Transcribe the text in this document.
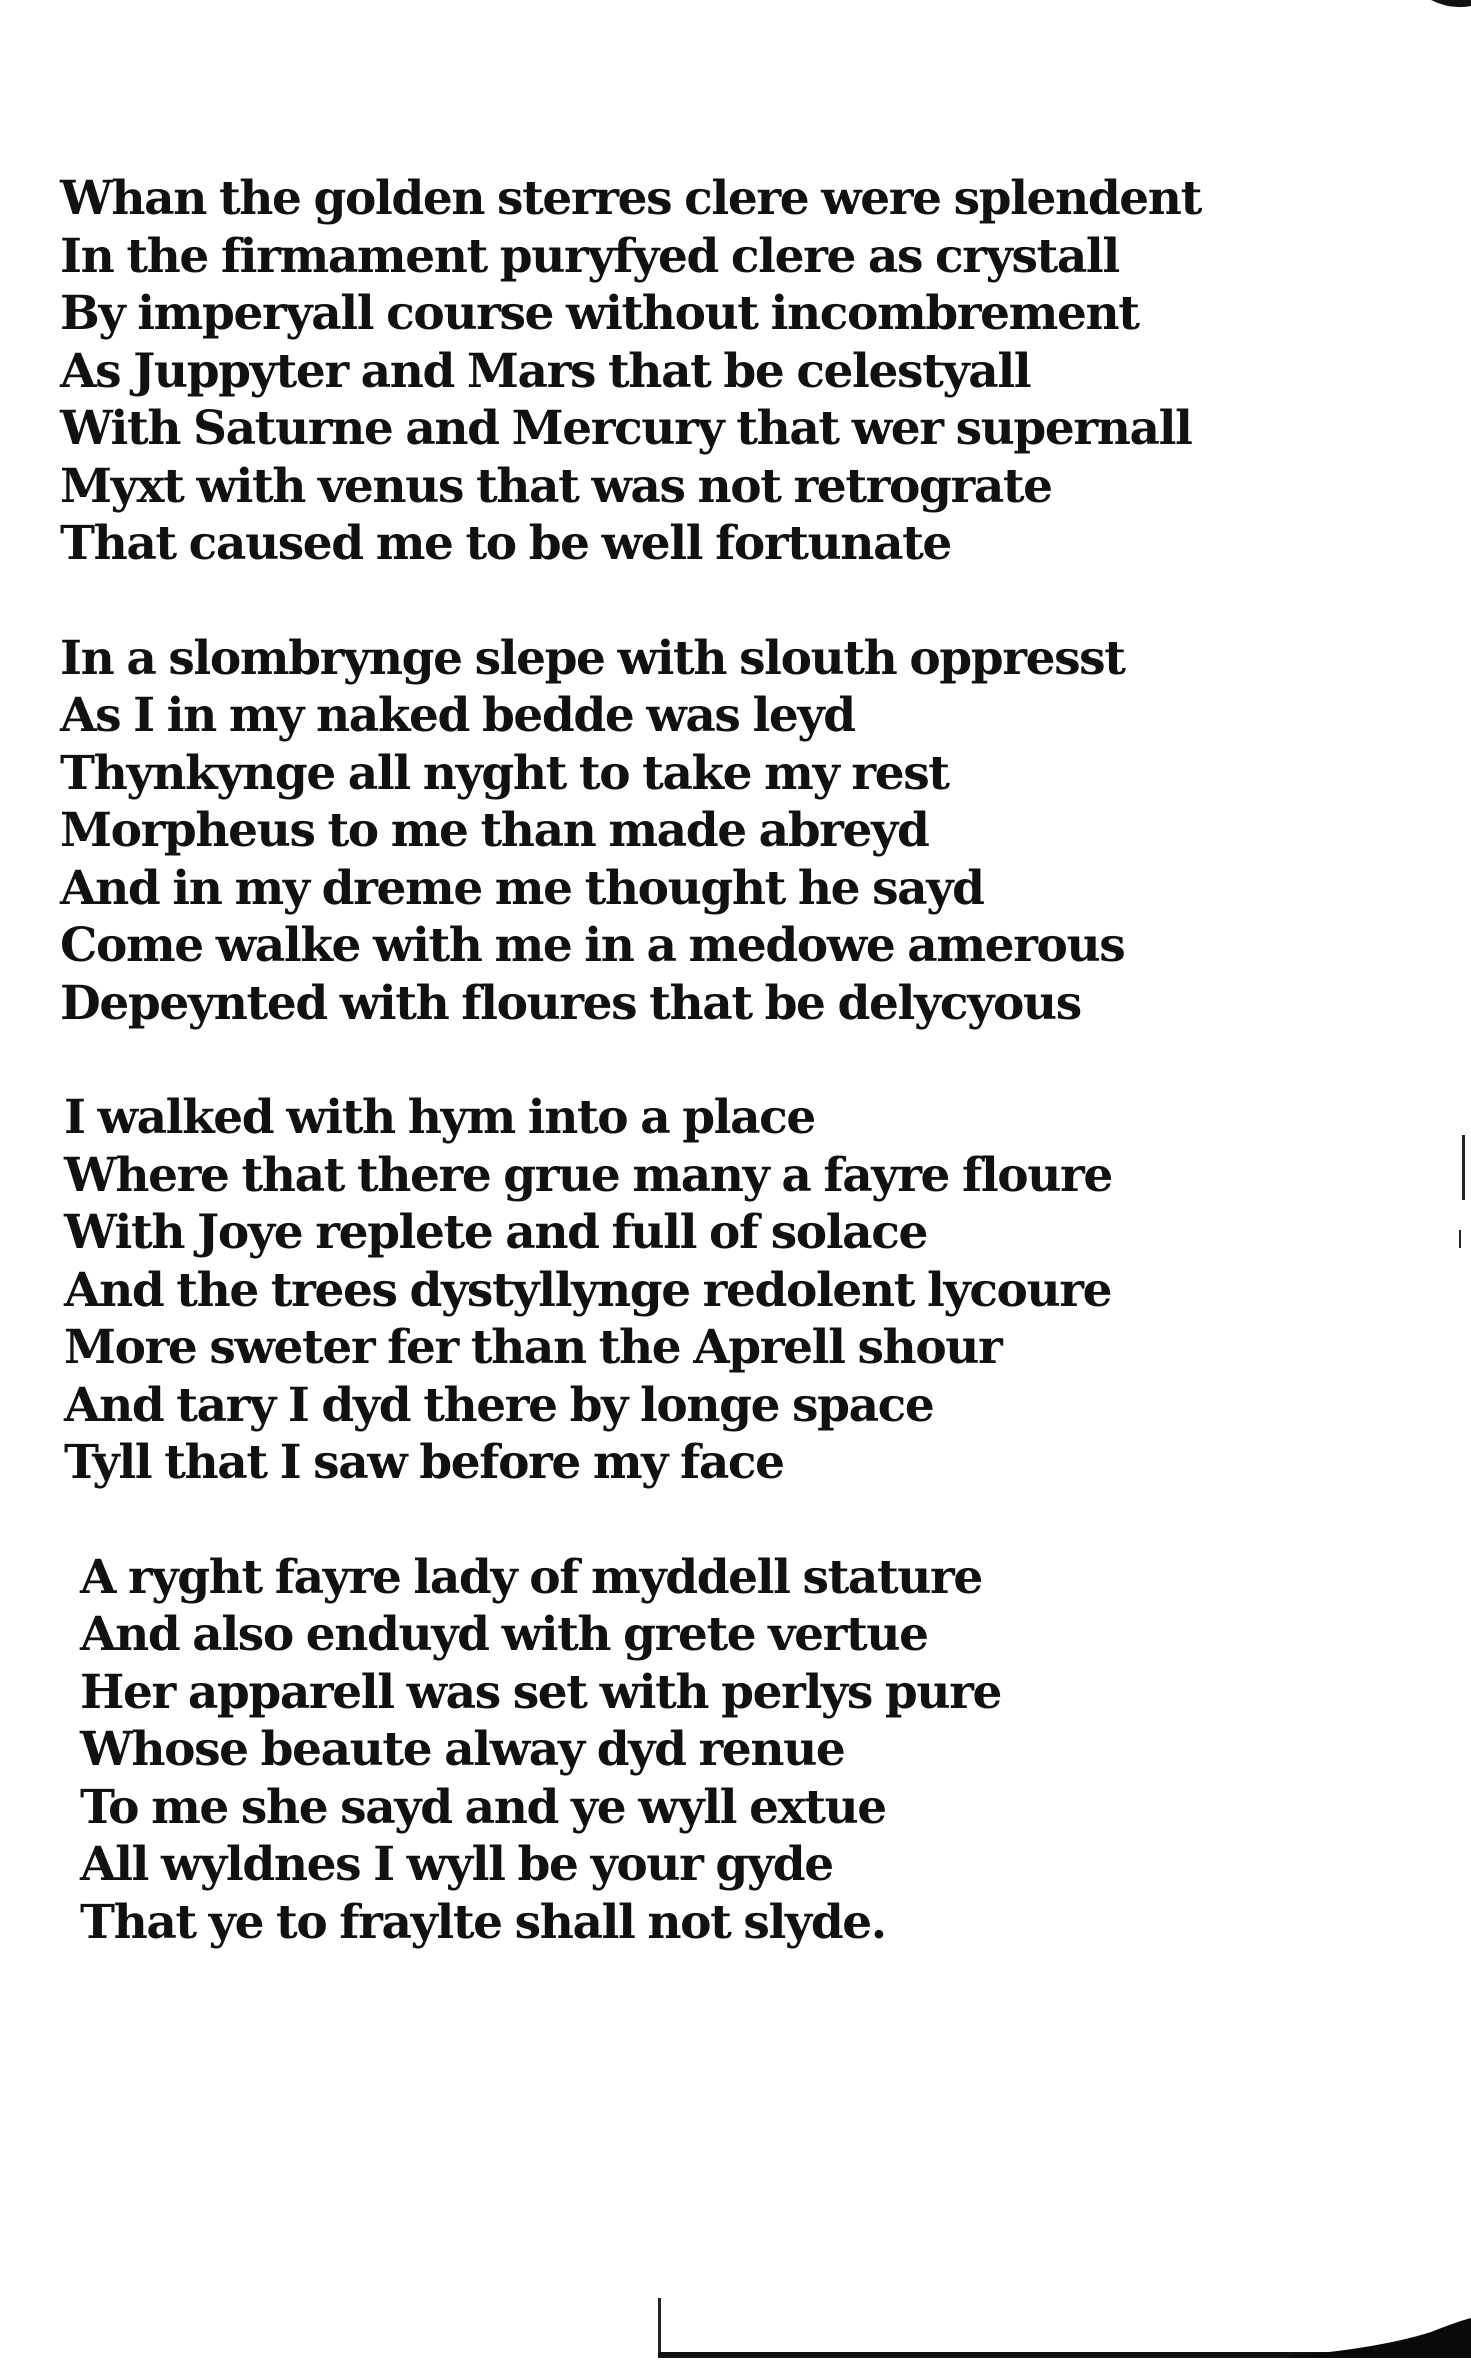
Whan the golden sterres clere were splendent
In the firmament puryfyed clere as crystall
By imperyall course without incombrement
As Juppyter and Mars that be celestyall
With Saturne and Mercury that wer supernall
Myxt with venus that was not retrograte
That caused me to be well fortunate
In a slombrynge slepe with slouth oppresst
As I in my naked bedde was leyd
Thynkynge all nyght to take my rest
Morpheus to me than made abreyd
And in my dreme me thought he sayd
Come walke with me in a medowe amerous
Depeynted with floures that be delycyous
I walked with hym into a place
Where that there grue many a fayre floure
With Joye replete and full of solace
And the trees dystyllynge redolent lycoure
More sweter fer than the Aprell shour
And tary I dyd there by longe space
Tyll that I saw before my face
A ryght fayre lady of myddell stature
And also enduyd with grete vertue
Her apparell was set with perlys pure
Whose beaute alway dyd renue
To me she sayd and ye wyll extue
All wyldnes I wyll be your gyde
That ye to fraylte shall not slyde.
